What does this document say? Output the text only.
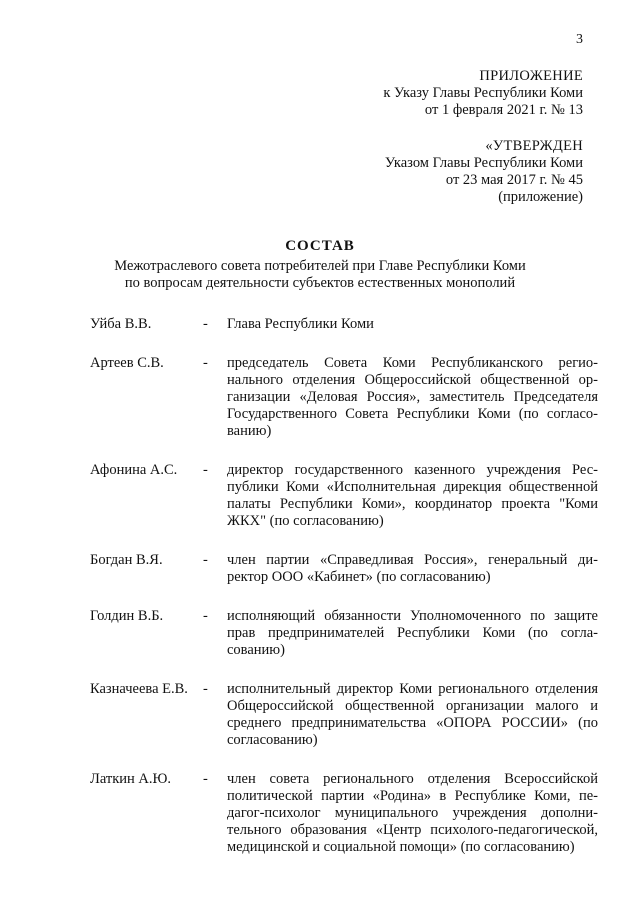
3
ПРИЛОЖЕНИЕ
к Указу Главы Республики Коми
от 1 февраля 2021 г. № 13
«УТВЕРЖДЕН
Указом Главы Республики Коми
от 23 мая 2017 г. № 45
(приложение)
СОСТАВ
Межотраслевого совета потребителей при Главе Республики Коми
по вопросам деятельности субъектов естественных монополий
Уйба В.В.	-	Глава Республики Коми
Артеев С.В.	-	председатель Совета Коми Республиканского регионального отделения Общероссийской общественной организации «Деловая Россия», заместитель Председателя Государственного Совета Республики Коми (по согласованию)
Афонина А.С.	-	директор государственного казенного учреждения Республики Коми «Исполнительная дирекция общественной палаты Республики Коми», координатор проекта "Коми ЖКХ" (по согласованию)
Богдан В.Я.	-	член партии «Справедливая Россия», генеральный директор ООО «Кабинет» (по согласованию)
Голдин В.Б.	-	исполняющий обязанности Уполномоченного по защите прав предпринимателей Республики Коми (по согласованию)
Казначеева Е.В.	-	исполнительный директор Коми регионального отделения Общероссийской общественной организации малого и среднего предпринимательства «ОПОРА РОССИИ» (по согласованию)
Латкин А.Ю.	-	член совета регионального отделения Всероссийской политической партии «Родина» в Республике Коми, педагог-психолог муниципального учреждения дополнительного образования «Центр психолого-педагогической, медицинской и социальной помощи» (по согласованию)
